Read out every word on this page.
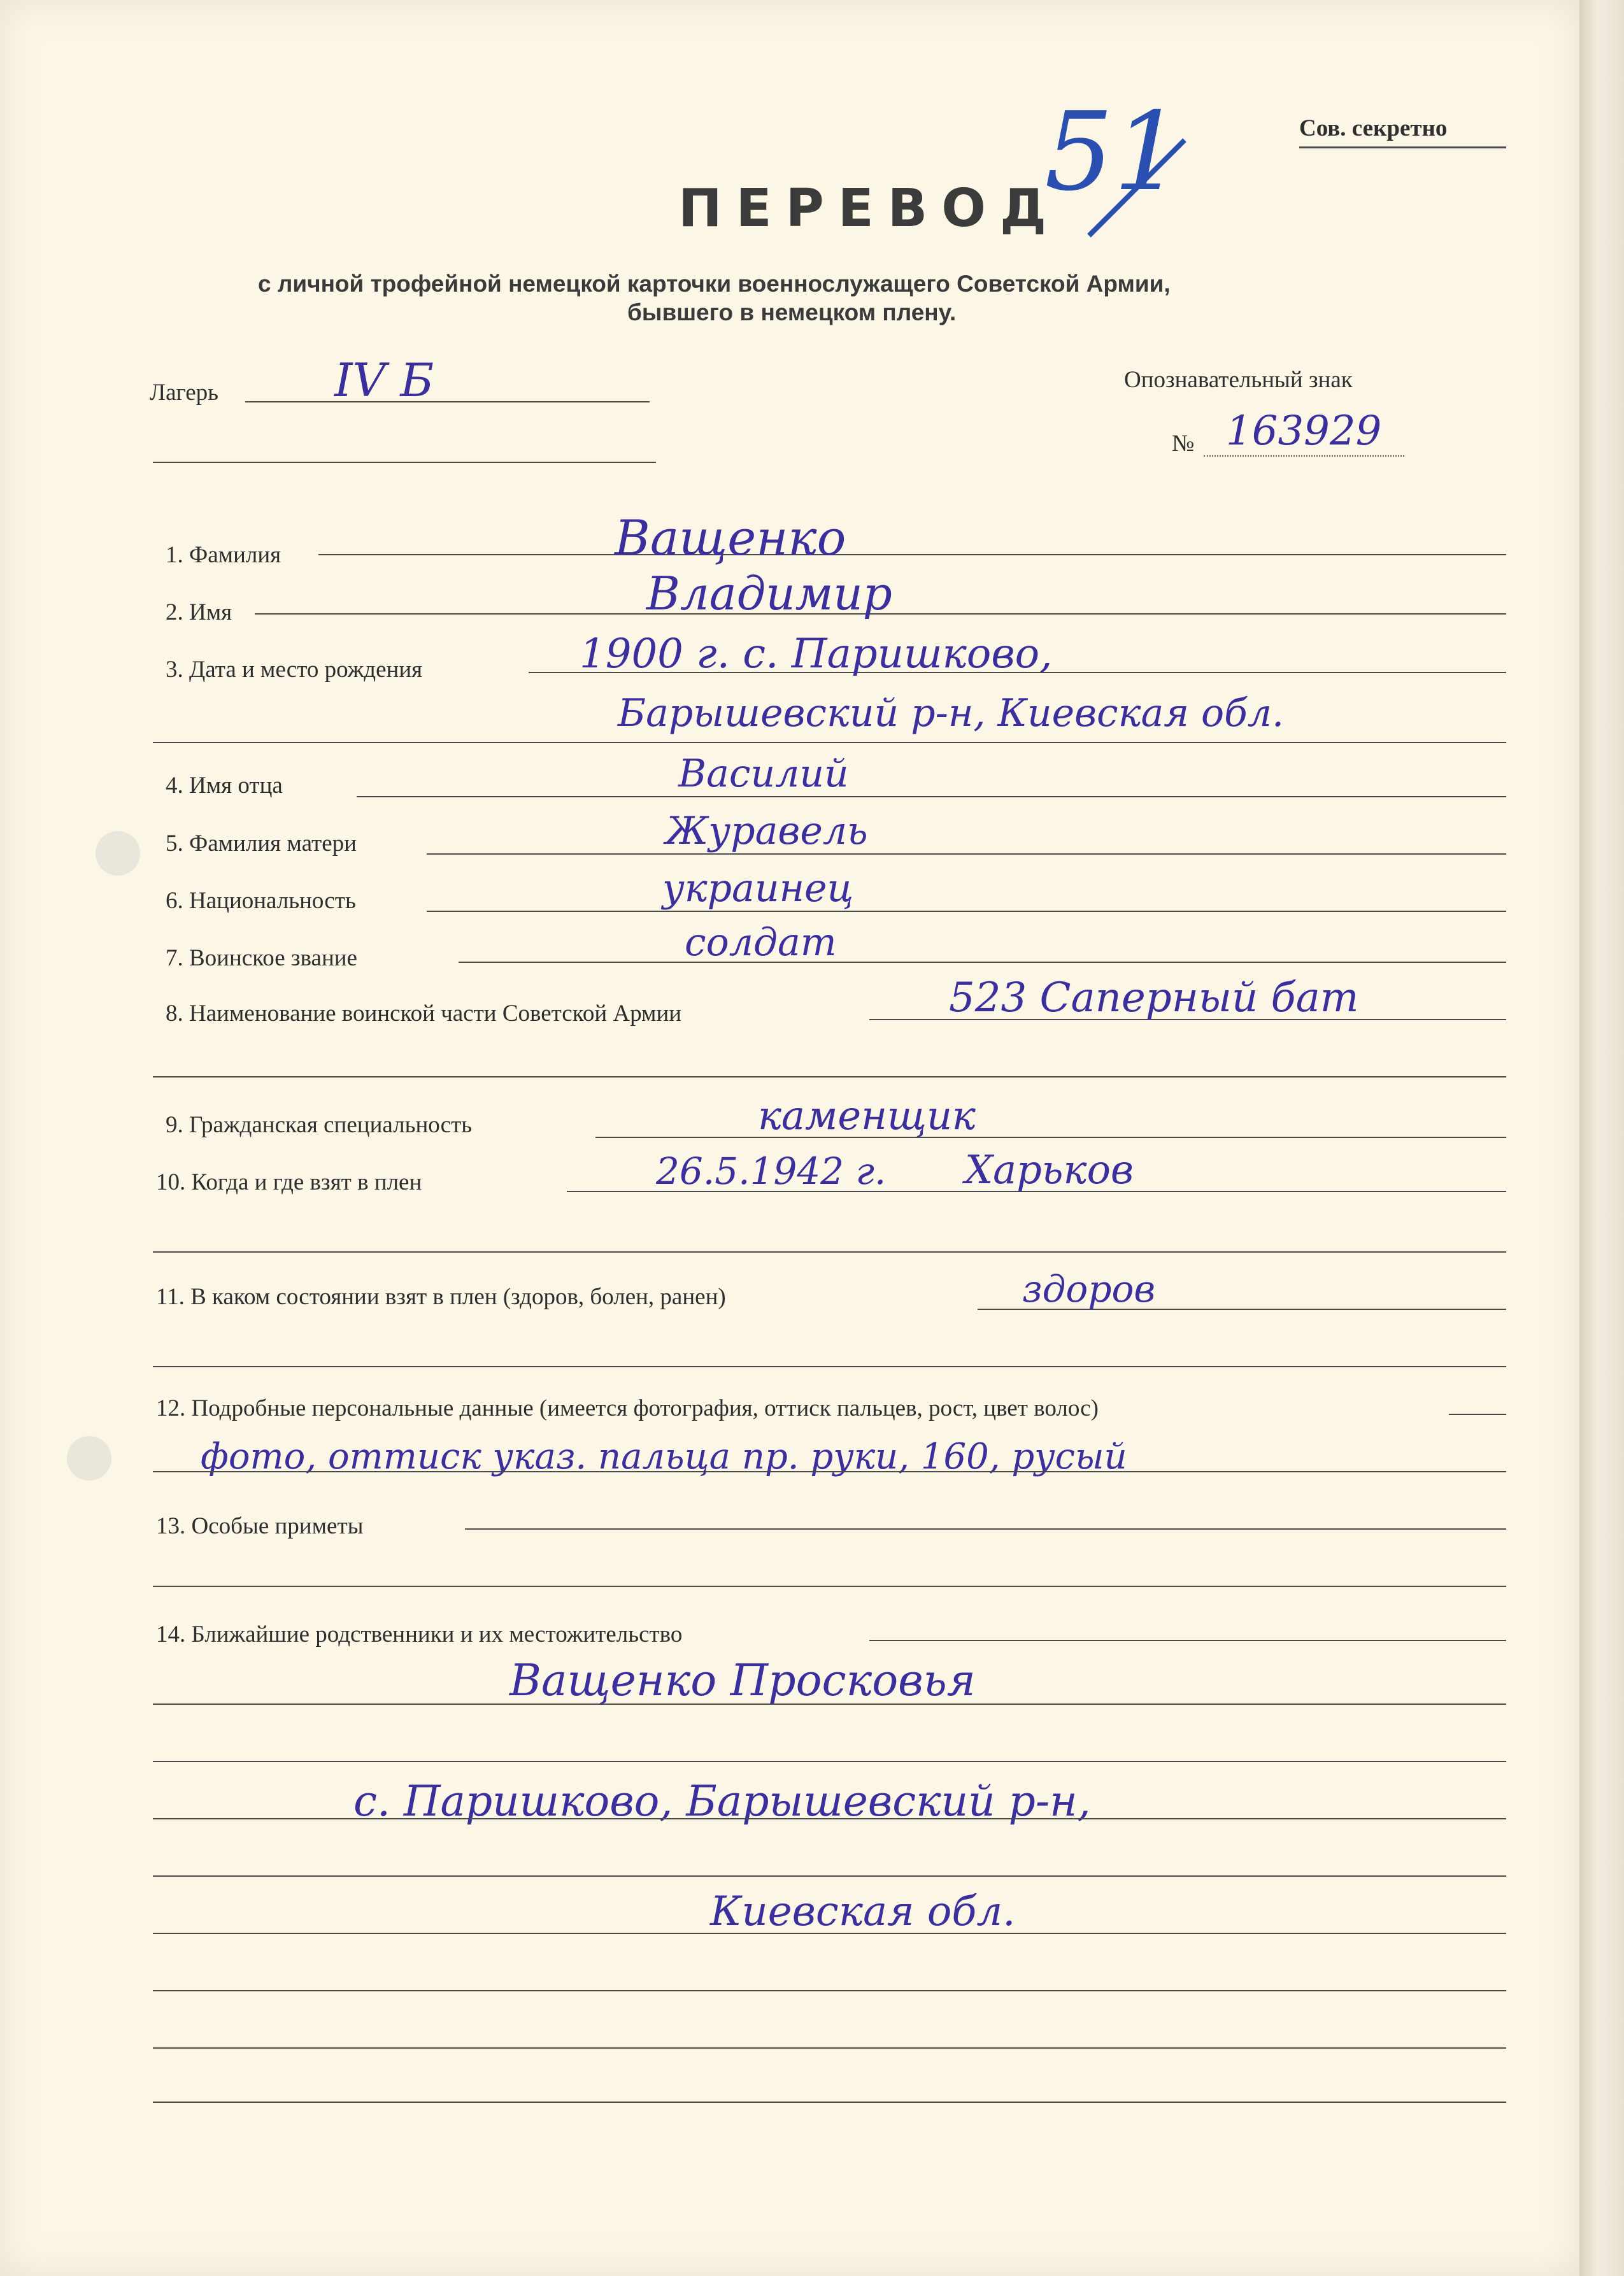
Сов. секретно
51
ПЕРЕВОД
с личной трофейной немецкой карточки военнослужащего Советской Армии,
бывшего в немецком плену.
Лагерь	IV Б	Опознавательный знак
№ 163929
1. Фамилия	Ващенко
2. Имя	Владимир
3. Дата и место рождения	1900 г. с. Паришково,
Барышевский р-н, Киевская обл.
4. Имя отца	Василий
5. Фамилия матери	Журавель
6. Национальность	украинец
7. Воинское звание	солдат
8. Наименование воинской части Советской Армии	523 Саперный бат
9. Гражданская специальность	каменщик
10. Когда и где взят в плен	26.5.1942 г. Харьков
11. В каком состоянии взят в плен (здоров, болен, ранен)	здоров
12. Подробные персональные данные (имеется фотография, оттиск пальцев, рост, цвет волос)
фото, оттиск указ. пальца пр. руки, 160, русый
13. Особые приметы
14. Ближайшие родственники и их местожительство
Ващенко Просковья
с. Паришково, Барышевский р-н,
Киевская обл.
